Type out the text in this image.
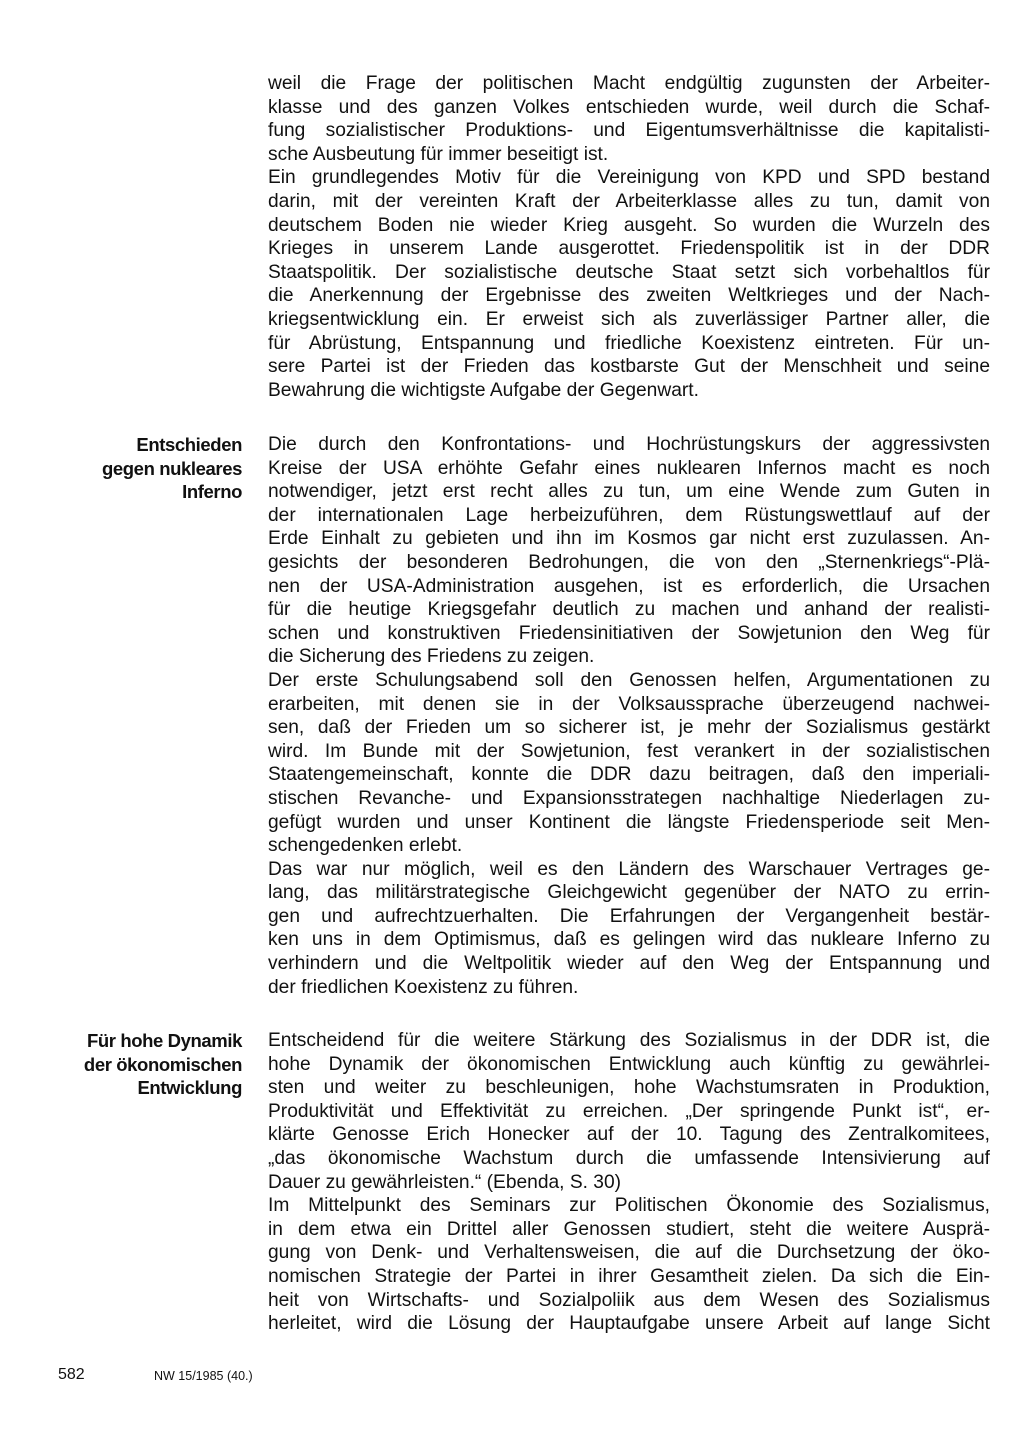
weil die Frage der politischen Macht endgültig zugunsten der Arbeiter-
klasse und des ganzen Volkes entschieden wurde, weil durch die Schaf-
fung sozialistischer Produktions- und Eigentumsverhältnisse die kapitalisti-
sche Ausbeutung für immer beseitigt ist.
Ein grundlegendes Motiv für die Vereinigung von KPD und SPD bestand
darin, mit der vereinten Kraft der Arbeiterklasse alles zu tun, damit von
deutschem Boden nie wieder Krieg ausgeht. So wurden die Wurzeln des
Krieges in unserem Lande ausgerottet. Friedenspolitik ist in der DDR
Staatspolitik. Der sozialistische deutsche Staat setzt sich vorbehaltlos für
die Anerkennung der Ergebnisse des zweiten Weltkrieges und der Nach-
kriegsentwicklung ein. Er erweist sich als zuverlässiger Partner aller, die
für Abrüstung, Entspannung und friedliche Koexistenz eintreten. Für un-
sere Partei ist der Frieden das kostbarste Gut der Menschheit und seine
Bewahrung die wichtigste Aufgabe der Gegenwart.
Entschieden
gegen nukleares
Inferno
Die durch den Konfrontations- und Hochrüstungskurs der aggressivsten
Kreise der USA erhöhte Gefahr eines nuklearen Infernos macht es noch
notwendiger, jetzt erst recht alles zu tun, um eine Wende zum Guten in
der internationalen Lage herbeizuführen, dem Rüstungswettlauf auf der
Erde Einhalt zu gebieten und ihn im Kosmos gar nicht erst zuzulassen. An-
gesichts der besonderen Bedrohungen, die von den „Sternenkriegs“-Plä-
nen der USA-Administration ausgehen, ist es erforderlich, die Ursachen
für die heutige Kriegsgefahr deutlich zu machen und anhand der realisti-
schen und konstruktiven Friedensinitiativen der Sowjetunion den Weg für
die Sicherung des Friedens zu zeigen.
Der erste Schulungsabend soll den Genossen helfen, Argumentationen zu
erarbeiten, mit denen sie in der Volksaussprache überzeugend nachwei-
sen, daß der Frieden um so sicherer ist, je mehr der Sozialismus gestärkt
wird. Im Bunde mit der Sowjetunion, fest verankert in der sozialistischen
Staatengemeinschaft, konnte die DDR dazu beitragen, daß den imperiali-
stischen Revanche- und Expansionsstrategen nachhaltige Niederlagen zu-
gefügt wurden und unser Kontinent die längste Friedensperiode seit Men-
schengedenken erlebt.
Das war nur möglich, weil es den Ländern des Warschauer Vertrages ge-
lang, das militärstrategische Gleichgewicht gegenüber der NATO zu errin-
gen und aufrechtzuerhalten. Die Erfahrungen der Vergangenheit bestär-
ken uns in dem Optimismus, daß es gelingen wird das nukleare Inferno zu
verhindern und die Weltpolitik wieder auf den Weg der Entspannung und
der friedlichen Koexistenz zu führen.
Für hohe Dynamik
der ökonomischen
Entwicklung
Entscheidend für die weitere Stärkung des Sozialismus in der DDR ist, die
hohe Dynamik der ökonomischen Entwicklung auch künftig zu gewährlei-
sten und weiter zu beschleunigen, hohe Wachstumsraten in Produktion,
Produktivität und Effektivität zu erreichen. „Der springende Punkt ist“, er-
klärte Genosse Erich Honecker auf der 10. Tagung des Zentralkomitees,
„das ökonomische Wachstum durch die umfassende Intensivierung auf
Dauer zu gewährleisten.“ (Ebenda, S. 30)
Im Mittelpunkt des Seminars zur Politischen Ökonomie des Sozialismus,
in dem etwa ein Drittel aller Genossen studiert, steht die weitere Ausprä-
gung von Denk- und Verhaltensweisen, die auf die Durchsetzung der öko-
nomischen Strategie der Partei in ihrer Gesamtheit zielen. Da sich die Ein-
heit von Wirtschafts- und Sozialpoliik aus dem Wesen des Sozialismus
herleitet, wird die Lösung der Hauptaufgabe unsere Arbeit auf lange Sicht
582	NW 15/1985 (40.)
